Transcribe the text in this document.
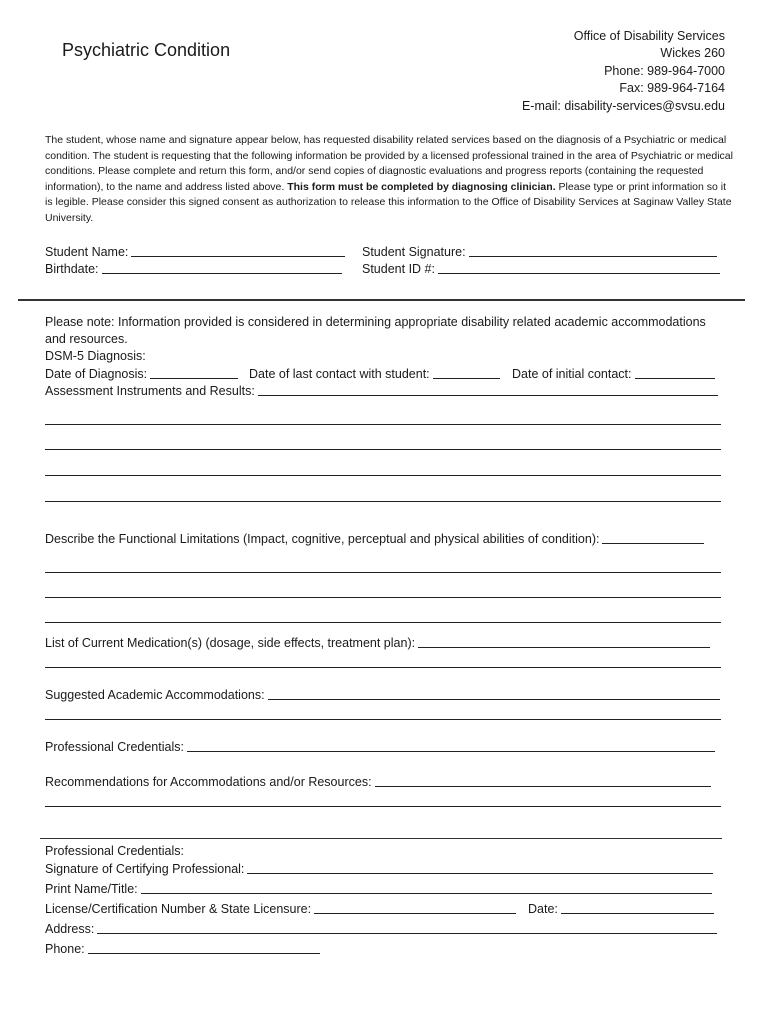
Psychiatric Condition
Office of Disability Services
Wickes 260
Phone: 989-964-7000
Fax: 989-964-7164
E-mail: disability-services@svsu.edu
The student, whose name and signature appear below, has requested disability related services based on the diagnosis of a Psychiatric or medical condition. The student is requesting that the following information be provided by a licensed professional trained in the area of Psychiatric or medical conditions. Please complete and return this form, and/or send copies of diagnostic evaluations and progress reports (containing the requested information), to the name and address listed above. This form must be completed by diagnosing clinician. Please type or print information so it is legible. Please consider this signed consent as authorization to release this information to the Office of Disability Services at Saginaw Valley State University.
Student Name:	Student Signature:
Birthdate:	Student ID #:
Please note: Information provided is considered in determining appropriate disability related academic accommodations
and resources.
DSM-5 Diagnosis:
Date of Diagnosis:	Date of last contact with student:	Date of initial contact:
Assessment Instruments and Results:
Describe the Functional Limitations (Impact, cognitive, perceptual and physical abilities of condition):
List of Current Medication(s) (dosage, side effects, treatment plan):
Suggested Academic Accommodations:
Professional Credentials:
Recommendations for Accommodations and/or Resources:
Professional Credentials:
Signature of Certifying Professional:
Print Name/Title:
License/Certification Number & State Licensure:	Date:
Address:
Phone:
